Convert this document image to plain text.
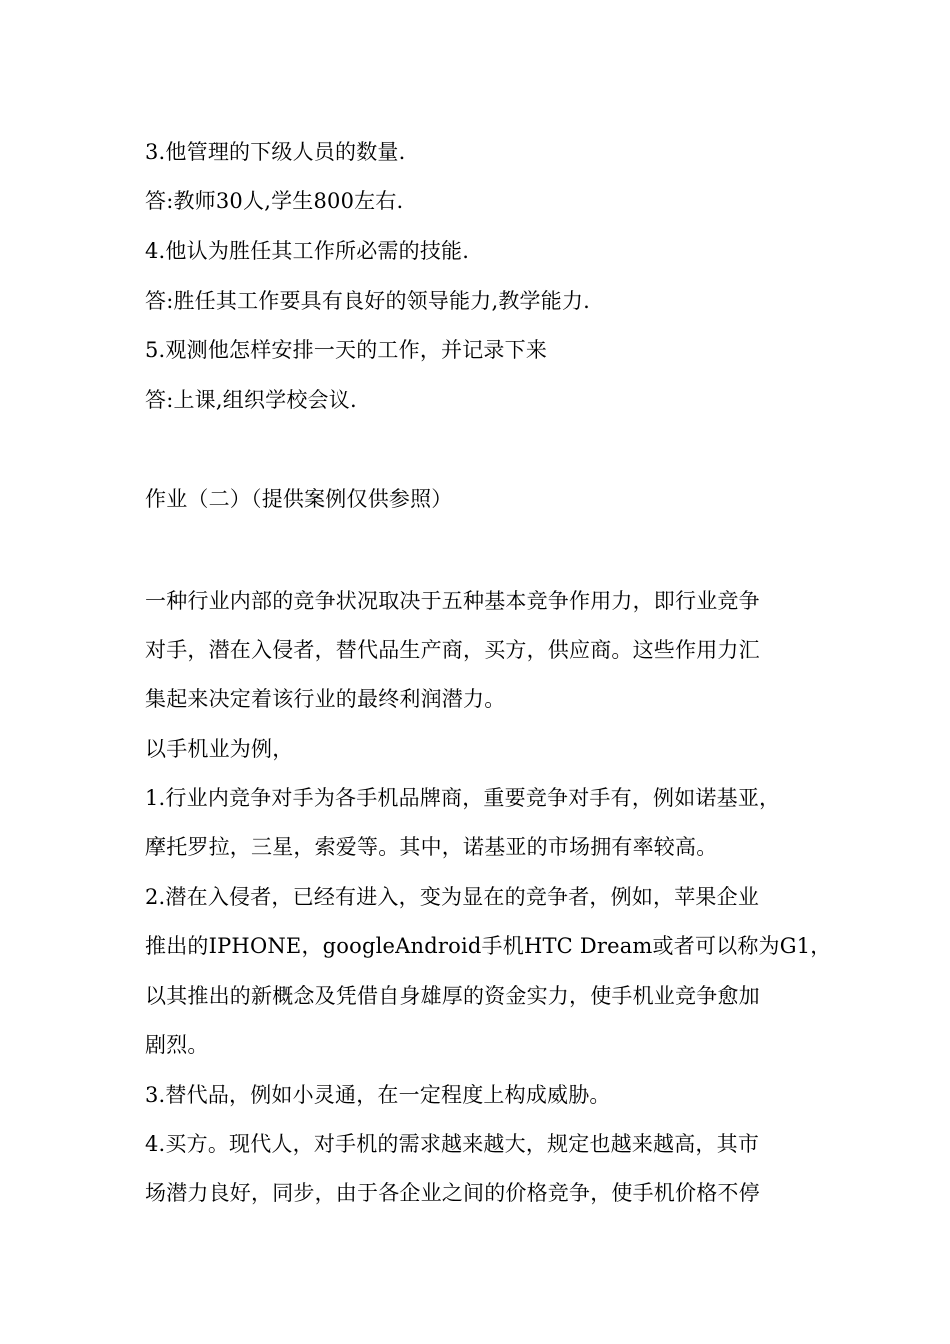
3.他管理的下级人员的数量.
答:教师30人,学生800左右.
4.他认为胜任其工作所必需的技能.
答:胜任其工作要具有良好的领导能力,教学能力.
5.观测他怎样安排一天的工作，并记录下来
答:上课,组织学校会议.
作业（二）（提供案例仅供参照）
一种行业内部的竞争状况取决于五种基本竞争作用力，即行业竞争
对手，潜在入侵者，替代品生产商，买方，供应商。这些作用力汇
集起来决定着该行业的最终利润潜力。
以手机业为例，
1.行业内竞争对手为各手机品牌商，重要竞争对手有，例如诺基亚，
摩托罗拉，三星，索爱等。其中，诺基亚的市场拥有率较高。
2.潜在入侵者，已经有进入，变为显在的竞争者，例如，苹果企业
推出的IPHONE，googleAndroid手机HTC Dream或者可以称为G1，
以其推出的新概念及凭借自身雄厚的资金实力，使手机业竞争愈加
剧烈。
3.替代品，例如小灵通，在一定程度上构成威胁。
4.买方。现代人，对手机的需求越来越大，规定也越来越高，其市
场潜力良好，同步，由于各企业之间的价格竞争，使手机价格不停
